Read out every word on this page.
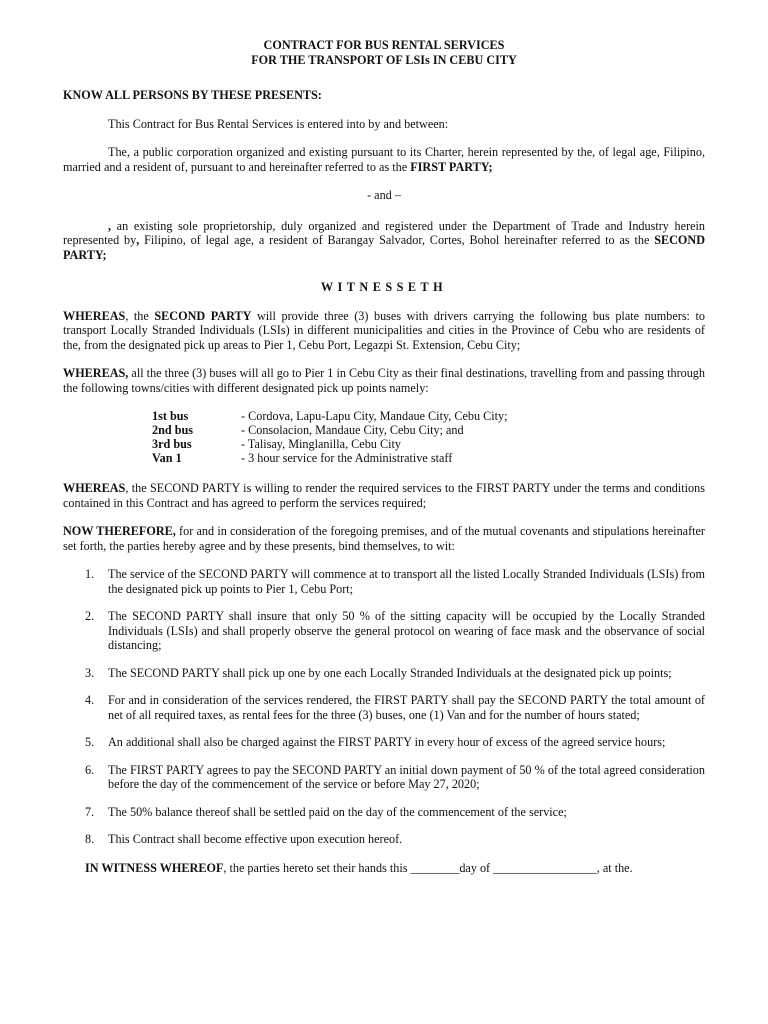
CONTRACT FOR BUS RENTAL SERVICES
FOR THE TRANSPORT OF LSIs IN CEBU CITY
KNOW ALL PERSONS BY THESE PRESENTS:

This Contract for Bus Rental Services is entered into by and between:

The, a public corporation organized and existing pursuant to its Charter, herein represented by the, of legal age, Filipino, married and a resident of, pursuant to and hereinafter referred to as the FIRST PARTY;

- and –

, an existing sole proprietorship, duly organized and registered under the Department of Trade and Industry herein represented by, Filipino, of legal age, a resident of Barangay Salvador, Cortes, Bohol hereinafter referred to as the SECOND PARTY;

WITNESSETH

WHEREAS, the SECOND PARTY will provide three (3) buses with drivers carrying the following bus plate numbers: to transport Locally Stranded Individuals (LSIs) in different municipalities and cities in the Province of Cebu who are residents of the, from the designated pick up areas to Pier 1, Cebu Port, Legazpi St. Extension, Cebu City;

WHEREAS, all the three (3) buses will all go to Pier 1 in Cebu City as their final destinations, travelling from and passing through the following towns/cities with different designated pick up points namely:

1st bus	- Cordova, Lapu-Lapu City, Mandaue City, Cebu City;
2nd bus	- Consolacion, Mandaue City, Cebu City; and
3rd bus	- Talisay, Minglanilla, Cebu City
Van 1	- 3 hour service for the Administrative staff

WHEREAS, the SECOND PARTY is willing to render the required services to the FIRST PARTY under the terms and conditions contained in this Contract and has agreed to perform the services required;

NOW THEREFORE, for and in consideration of the foregoing premises, and of the mutual covenants and stipulations hereinafter set forth, the parties hereby agree and by these presents, bind themselves, to wit:

1.	The service of the SECOND PARTY will commence at to transport all the listed Locally Stranded Individuals (LSIs) from the designated pick up points to Pier 1, Cebu Port;
2.	The SECOND PARTY shall insure that only 50 % of the sitting capacity will be occupied by the Locally Stranded Individuals (LSIs) and shall properly observe the general protocol on wearing of face mask and the observance of social distancing;
3.	The SECOND PARTY shall pick up one by one each Locally Stranded Individuals at the designated pick up points;
4.	For and in consideration of the services rendered, the FIRST PARTY shall pay the SECOND PARTY the total amount of net of all required taxes, as rental fees for the three (3) buses, one (1) Van and for the number of hours stated;
5.	An additional shall also be charged against the FIRST PARTY in every hour of excess of the agreed service hours;
6.	The FIRST PARTY agrees to pay the SECOND PARTY an initial down payment of 50 % of the total agreed consideration before the day of the commencement of the service or before May 27, 2020;
7.	The 50% balance thereof shall be settled paid on the day of the commencement of the service;
8.	This Contract shall become effective upon execution hereof.

IN WITNESS WHEREOF, the parties hereto set their hands this ________day of _________________, at the.
